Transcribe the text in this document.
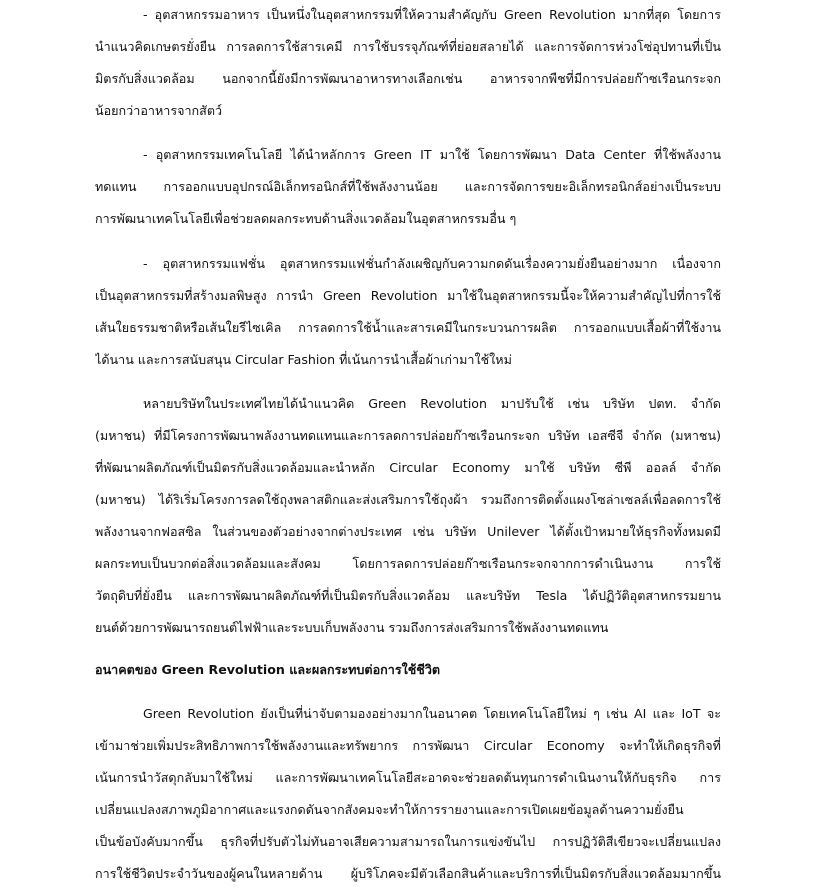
- อุตสาหกรรมอาหาร เป็นหนึ่งในอุตสาหกรรมที่ให้ความสำคัญกับ Green Revolution มากที่สุด โดยการ
นำแนวคิดเกษตรยั่งยืน การลดการใช้สารเคมี การใช้บรรจุภัณฑ์ที่ย่อยสลายได้ และการจัดการห่วงโซ่อุปทานที่เป็น
มิตรกับสิ่งแวดล้อม นอกจากนี้ยังมีการพัฒนาอาหารทางเลือกเช่น อาหารจากพืชที่มีการปล่อยก๊าซเรือนกระจก
น้อยกว่าอาหารจากสัตว์
- อุตสาหกรรมเทคโนโลยี ได้นำหลักการ Green IT มาใช้ โดยการพัฒนา Data Center ที่ใช้พลังงาน
ทดแทน การออกแบบอุปกรณ์อิเล็กทรอนิกส์ที่ใช้พลังงานน้อย และการจัดการขยะอิเล็กทรอนิกส์อย่างเป็นระบบ
การพัฒนาเทคโนโลยีเพื่อช่วยลดผลกระทบด้านสิ่งแวดล้อมในอุตสาหกรรมอื่น ๆ
- อุตสาหกรรมแฟชั่น อุตสาหกรรมแฟชั่นกำลังเผชิญกับความกดดันเรื่องความยั่งยืนอย่างมาก เนื่องจาก
เป็นอุตสาหกรรมที่สร้างมลพิษสูง การนำ Green Revolution มาใช้ในอุตสาหกรรมนี้จะให้ความสำคัญไปที่การใช้
เส้นใยธรรมชาติหรือเส้นใยรีไซเคิล การลดการใช้น้ำและสารเคมีในกระบวนการผลิต การออกแบบเสื้อผ้าที่ใช้งาน
ได้นาน และการสนับสนุน Circular Fashion ที่เน้นการนำเสื้อผ้าเก่ามาใช้ใหม่
หลายบริษัทในประเทศไทยได้นำแนวคิด Green Revolution มาปรับใช้ เช่น บริษัท ปตท. จำกัด
(มหาชน) ที่มีโครงการพัฒนาพลังงานทดแทนและการลดการปล่อยก๊าซเรือนกระจก บริษัท เอสซีจี จำกัด (มหาชน)
ที่พัฒนาผลิตภัณฑ์เป็นมิตรกับสิ่งแวดล้อมและนำหลัก Circular Economy มาใช้ บริษัท ซีพี ออลล์ จำกัด
(มหาชน) ได้ริเริ่มโครงการลดใช้ถุงพลาสติกและส่งเสริมการใช้ถุงผ้า รวมถึงการติดตั้งแผงโซล่าเซลล์เพื่อลดการใช้
พลังงานจากฟอสซิล ในส่วนของตัวอย่างจากต่างประเทศ เช่น บริษัท Unilever ได้ตั้งเป้าหมายให้ธุรกิจทั้งหมดมี
ผลกระทบเป็นบวกต่อสิ่งแวดล้อมและสังคม โดยการลดการปล่อยก๊าซเรือนกระจกจากการดำเนินงาน การใช้
วัตถุดิบที่ยั่งยืน และการพัฒนาผลิตภัณฑ์ที่เป็นมิตรกับสิ่งแวดล้อม และบริษัท Tesla ได้ปฏิวัติอุตสาหกรรมยาน
ยนต์ด้วยการพัฒนารถยนต์ไฟฟ้าและระบบเก็บพลังงาน รวมถึงการส่งเสริมการใช้พลังงานทดแทน
อนาคตของ Green Revolution และผลกระทบต่อการใช้ชีวิต
Green Revolution ยังเป็นที่น่าจับตามองอย่างมากในอนาคต โดยเทคโนโลยีใหม่ ๆ เช่น AI และ IoT จะ
เข้ามาช่วยเพิ่มประสิทธิภาพการใช้พลังงานและทรัพยากร การพัฒนา Circular Economy จะทำให้เกิดธุรกิจที่
เน้นการนำวัสดุกลับมาใช้ใหม่ และการพัฒนาเทคโนโลยีสะอาดจะช่วยลดต้นทุนการดำเนินงานให้กับธุรกิจ การ
เปลี่ยนแปลงสภาพภูมิอากาศและแรงกดดันจากสังคมจะทำให้การรายงานและการเปิดเผยข้อมูลด้านความยั่งยืน
เป็นข้อบังคับมากขึ้น ธุรกิจที่ปรับตัวไม่ทันอาจเสียความสามารถในการแข่งขันไป การปฏิวัติสีเขียวจะเปลี่ยนแปลง
การใช้ชีวิตประจำวันของผู้คนในหลายด้าน ผู้บริโภคจะมีตัวเลือกสินค้าและบริการที่เป็นมิตรกับสิ่งแวดล้อมมากขึ้น
